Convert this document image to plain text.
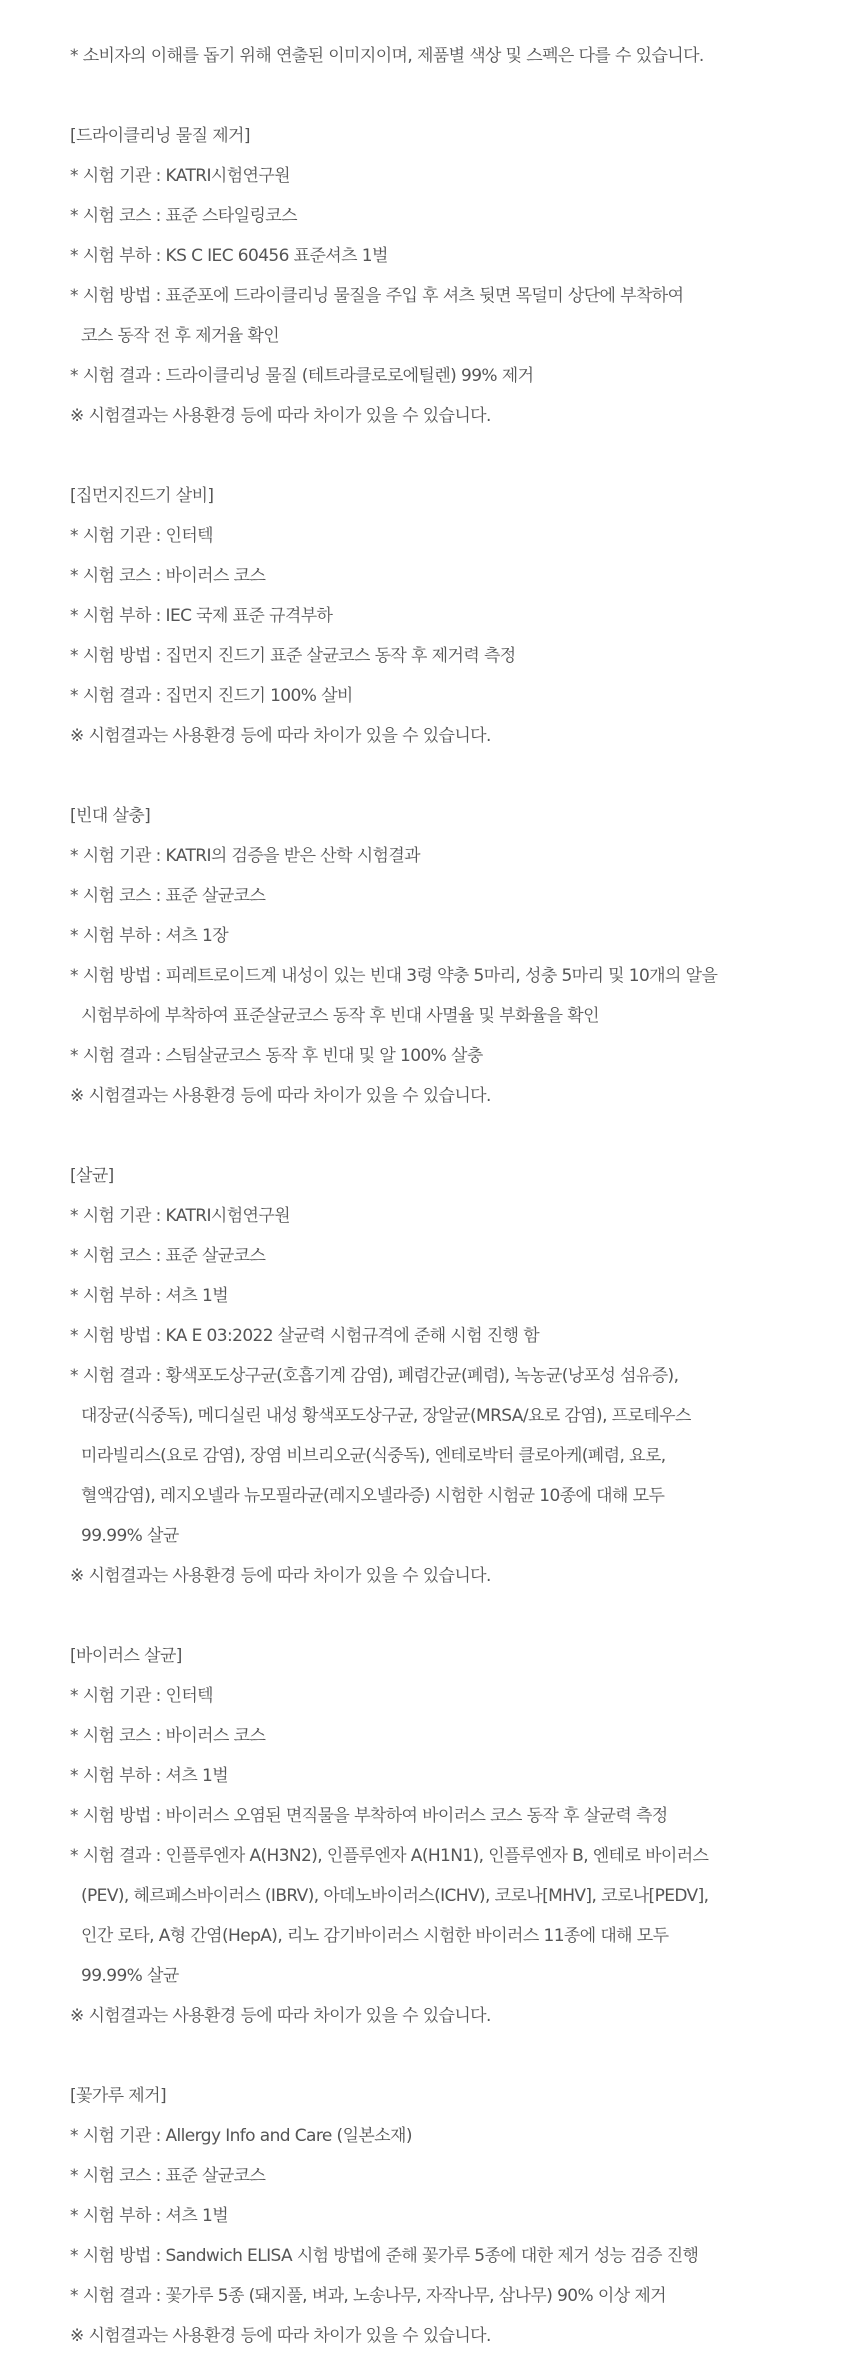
* 소비자의 이해를 돕기 위해 연출된 이미지이며, 제품별 색상 및 스펙은 다를 수 있습니다.
[드라이클리닝 물질 제거]
* 시험 기관 : KATRI시험연구원
* 시험 코스 : 표준 스타일링코스
* 시험 부하 : KS C IEC 60456 표준셔츠 1벌
* 시험 방법 : 표준포에 드라이클리닝 물질을 주입 후 셔츠 뒷면 목덜미 상단에 부착하여
코스 동작 전 후 제거율 확인
* 시험 결과 : 드라이클리닝 물질 (테트라클로로에틸렌) 99% 제거
※ 시험결과는 사용환경 등에 따라 차이가 있을 수 있습니다.
[집먼지진드기 살비]
* 시험 기관 : 인터텍
* 시험 코스 : 바이러스 코스
* 시험 부하 : IEC 국제 표준 규격부하
* 시험 방법 : 집먼지 진드기 표준 살균코스 동작 후 제거력 측정
* 시험 결과 : 집먼지 진드기 100% 살비
※ 시험결과는 사용환경 등에 따라 차이가 있을 수 있습니다.
[빈대 살충]
* 시험 기관 : KATRI의 검증을 받은 산학 시험결과
* 시험 코스 : 표준 살균코스
* 시험 부하 : 셔츠 1장
* 시험 방법 : 피레트로이드계 내성이 있는 빈대 3령 약충 5마리, 성충 5마리 및 10개의 알을
시험부하에 부착하여 표준살균코스 동작 후 빈대 사멸율 및 부화율을 확인
* 시험 결과 : 스팀살균코스 동작 후 빈대 및 알 100% 살충
※ 시험결과는 사용환경 등에 따라 차이가 있을 수 있습니다.
[살균]
* 시험 기관 : KATRI시험연구원
* 시험 코스 : 표준 살균코스
* 시험 부하 : 셔츠 1벌
* 시험 방법 : KA E 03:2022 살균력 시험규격에 준해 시험 진행 함
* 시험 결과 : 황색포도상구균(호흡기계 감염), 폐렴간균(폐렴), 녹농균(낭포성 섬유증),
대장균(식중독), 메디실린 내성 황색포도상구균, 장알균(MRSA/요로 감염), 프로테우스
미라빌리스(요로 감염), 장염 비브리오균(식중독), 엔테로박터 클로아케(폐렴, 요로,
혈액감염), 레지오넬라 뉴모필라균(레지오넬라증) 시험한 시험균 10종에 대해 모두
99.99% 살균
※ 시험결과는 사용환경 등에 따라 차이가 있을 수 있습니다.
[바이러스 살균]
* 시험 기관 : 인터텍
* 시험 코스 : 바이러스 코스
* 시험 부하 : 셔츠 1벌
* 시험 방법 : 바이러스 오염된 면직물을 부착하여 바이러스 코스 동작 후 살균력 측정
* 시험 결과 : 인플루엔자 A(H3N2), 인플루엔자 A(H1N1), 인플루엔자 B, 엔테로 바이러스
(PEV), 헤르페스바이러스 (IBRV), 아데노바이러스(ICHV), 코로나[MHV], 코로나[PEDV],
인간 로타, A형 간염(HepA), 리노 감기바이러스 시험한 바이러스 11종에 대해 모두
99.99% 살균
※ 시험결과는 사용환경 등에 따라 차이가 있을 수 있습니다.
[꽃가루 제거]
* 시험 기관 : Allergy Info and Care (일본소재)
* 시험 코스 : 표준 살균코스
* 시험 부하 : 셔츠 1벌
* 시험 방법 : Sandwich ELISA 시험 방법에 준해 꽃가루 5종에 대한 제거 성능 검증 진행
* 시험 결과 : 꽃가루 5종 (돼지풀, 벼과, 노송나무, 자작나무, 삼나무) 90% 이상 제거
※ 시험결과는 사용환경 등에 따라 차이가 있을 수 있습니다.
